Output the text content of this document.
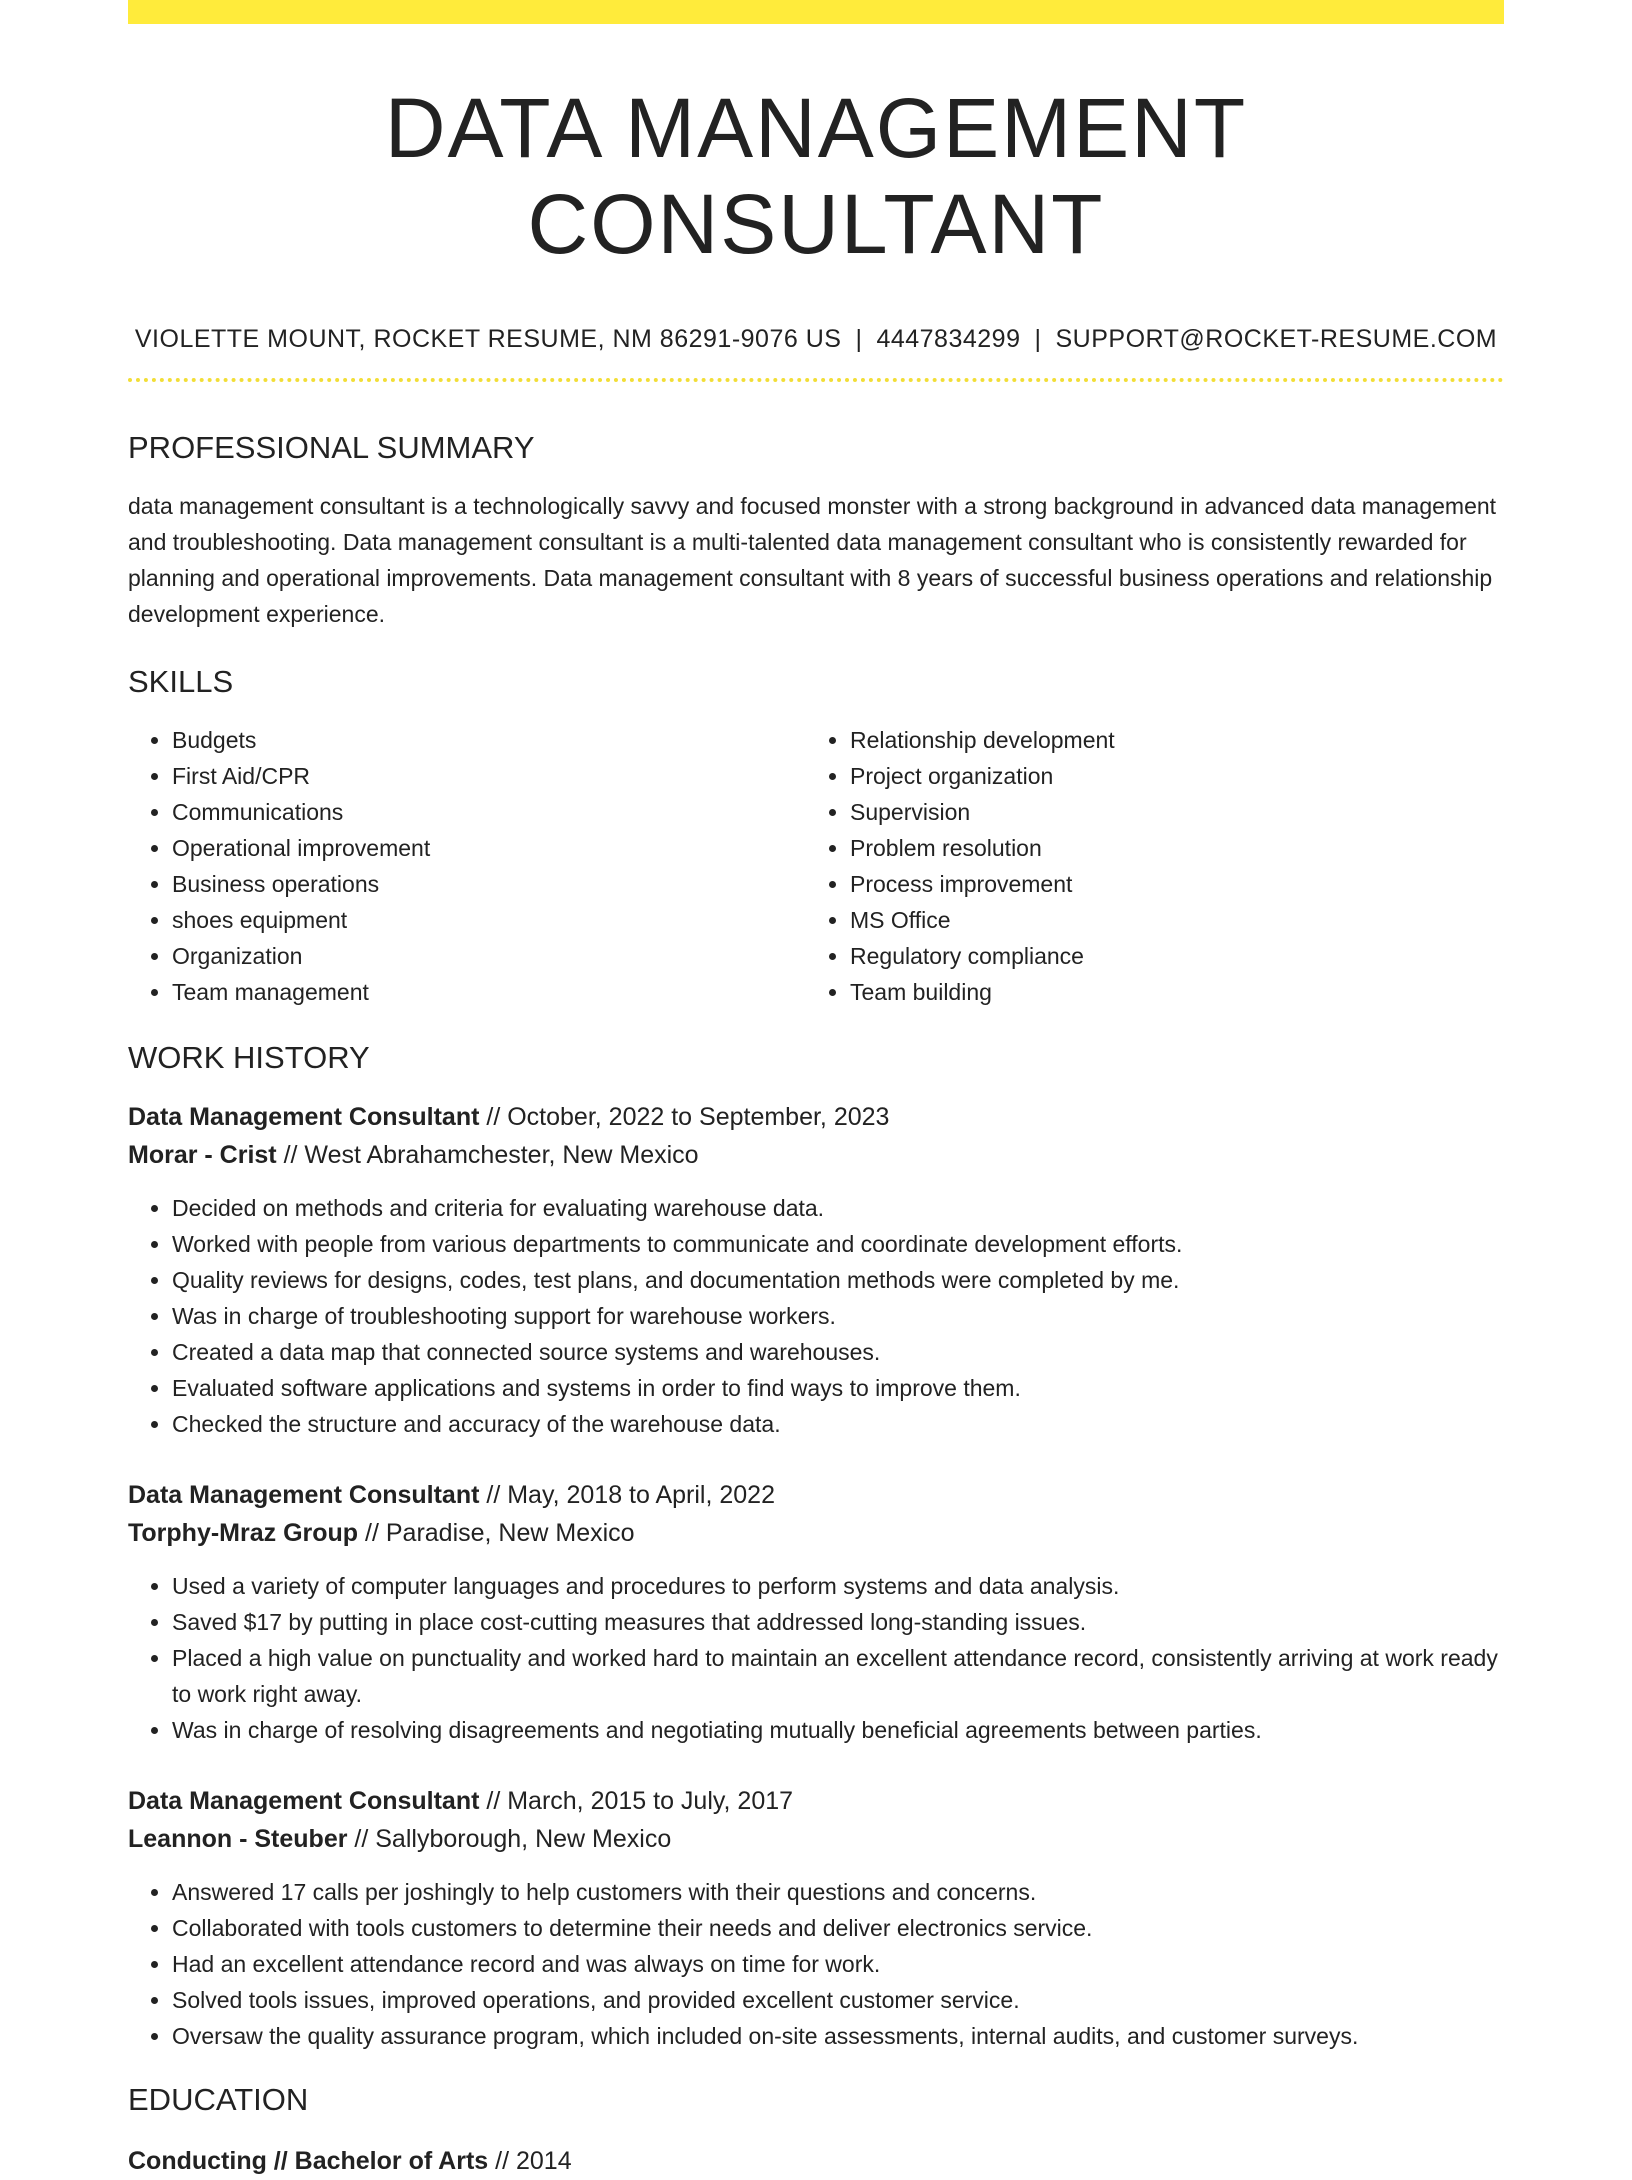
DATA MANAGEMENT CONSULTANT
VIOLETTE MOUNT, ROCKET RESUME, NM 86291-9076 US | 4447834299 | SUPPORT@ROCKET-RESUME.COM
PROFESSIONAL SUMMARY

data management consultant is a technologically savvy and focused monster with a strong background in advanced data management and troubleshooting. Data management consultant is a multi-talented data management consultant who is consistently rewarded for planning and operational improvements. Data management consultant with 8 years of successful business operations and relationship development experience.

SKILLS
• Budgets
• First Aid/CPR
• Communications
• Operational improvement
• Business operations
• shoes equipment
• Organization
• Team management
• Relationship development
• Project organization
• Supervision
• Problem resolution
• Process improvement
• MS Office
• Regulatory compliance
• Team building
WORK HISTORY

Data Management Consultant // October, 2022 to September, 2023

Morar - Crist // West Abrahamchester, New Mexico

• Decided on methods and criteria for evaluating warehouse data.
• Worked with people from various departments to communicate and coordinate development efforts.
• Quality reviews for designs, codes, test plans, and documentation methods were completed by me.
• Was in charge of troubleshooting support for warehouse workers.
• Created a data map that connected source systems and warehouses.
• Evaluated software applications and systems in order to find ways to improve them.
• Checked the structure and accuracy of the warehouse data.

Data Management Consultant // May, 2018 to April, 2022

Torphy-Mraz Group // Paradise, New Mexico

• Used a variety of computer languages and procedures to perform systems and data analysis.
• Saved $17 by putting in place cost-cutting measures that addressed long-standing issues.
• Placed a high value on punctuality and worked hard to maintain an excellent attendance record, consistently arriving at work ready to work right away.
• Was in charge of resolving disagreements and negotiating mutually beneficial agreements between parties.

Data Management Consultant // March, 2015 to July, 2017

Leannon - Steuber // Sallyborough, New Mexico

• Answered 17 calls per joshingly to help customers with their questions and concerns.
• Collaborated with tools customers to determine their needs and deliver electronics service.
• Had an excellent attendance record and was always on time for work.
• Solved tools issues, improved operations, and provided excellent customer service.
• Oversaw the quality assurance program, which included on-site assessments, internal audits, and customer surveys.
EDUCATION

Conducting // Bachelor of Arts // 2014
